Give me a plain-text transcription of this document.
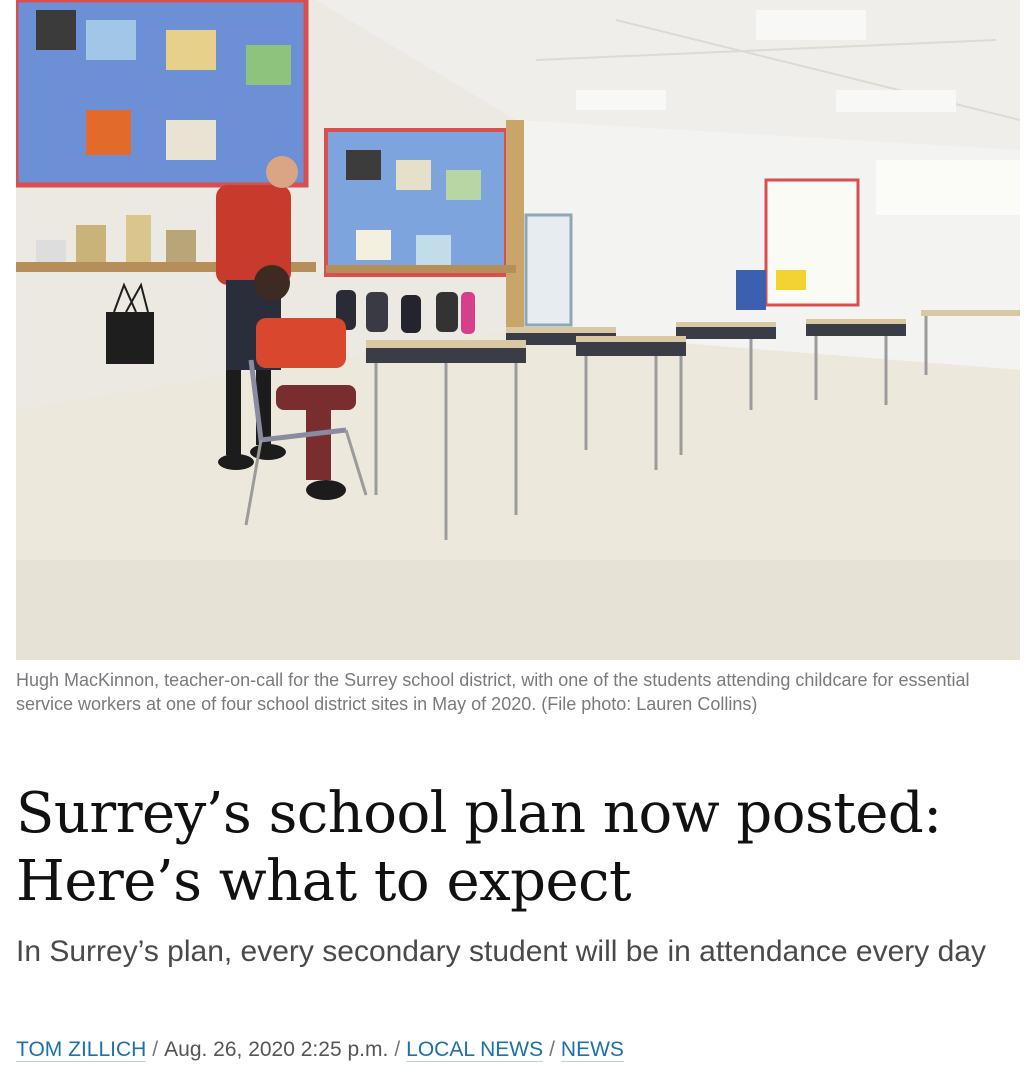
Hugh MacKinnon, teacher-on-call for the Surrey school district, with one of the students attending childcare for essential service workers at one of four school district sites in May of 2020. (File photo: Lauren Collins)
Surrey’s school plan now posted: Here’s what to expect

In Surrey’s plan, every secondary student will be in attendance every day

TOM ZILLICH / Aug. 26, 2020 2:25 p.m. / LOCAL NEWS / NEWS
